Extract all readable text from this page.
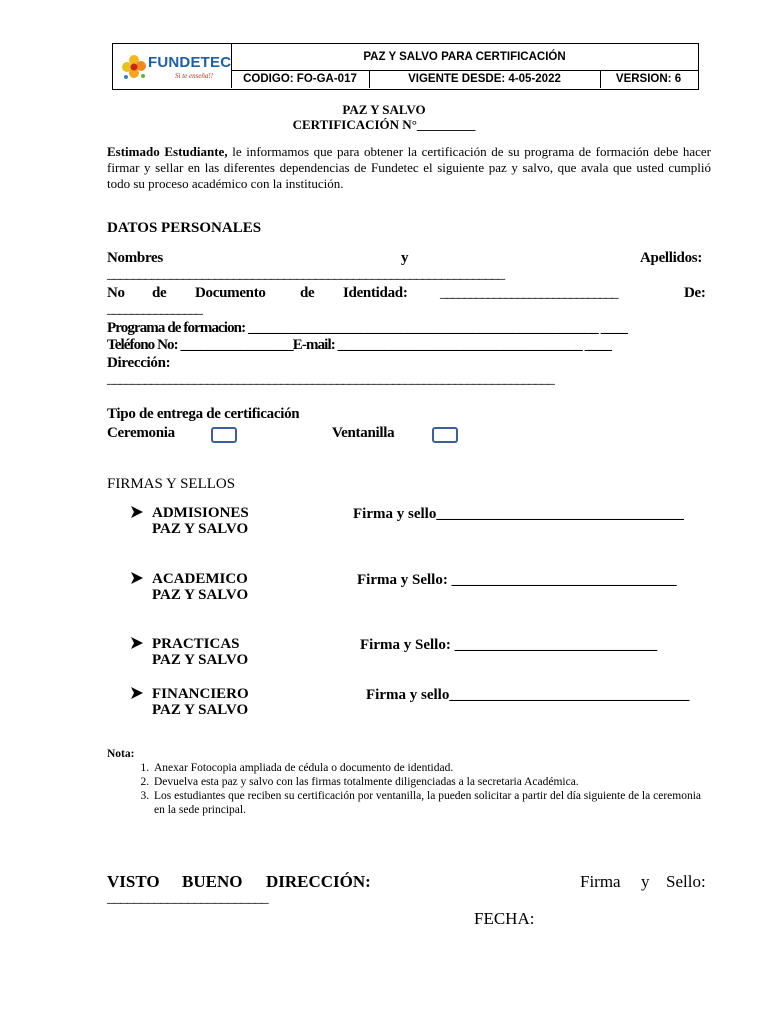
FUNDETEC
Si te enseña!!
PAZ Y SALVO PARA CERTIFICACIÓN
CODIGO: FO-GA-017	VIGENTE DESDE: 4-05-2022	VERSION: 6
PAZ Y SALVO
CERTIFICACIÓN N°_________
Estimado Estudiante, le informamos que para obtener la certificación de su programa de formación debe hacer firmar y sellar en las diferentes dependencias de Fundetec el siguiente paz y salvo, que avala que usted cumplió todo su proceso académico con la institución.
DATOS PERSONALES
Nombres	y	Apellidos:
_______________________________________________________________
No de Documento de Identidad: ______________________________	De:
________________
Programa de formacion: _____________________________________________________ ____
Teléfono No: _________________E-mail: _____________________________________ ____
Dirección:
________________________________________________________________________
Tipo de entrega de certificación
Ceremonia	Ventanilla
FIRMAS Y SELLOS
ADMISIONES
PAZ Y SALVO
Firma y sello_________________________________
ACADEMICO
PAZ Y SALVO
Firma y Sello: ______________________________
PRACTICAS
PAZ Y SALVO
Firma y Sello: ___________________________
FINANCIERO
PAZ Y SALVO
Firma y sello________________________________
Nota:
1. Anexar Fotocopia ampliada de cédula o documento de identidad.
2. Devuelva esta paz y salvo con las firmas totalmente diligenciadas a la secretaria Académica.
3. Los estudiantes que reciben su certificación por ventanilla, la pueden solicitar a partir del día siguiente de la ceremonia en la sede principal.
VISTO BUENO DIRECCIÓN:	Firma y Sello:
________________________
FECHA:
